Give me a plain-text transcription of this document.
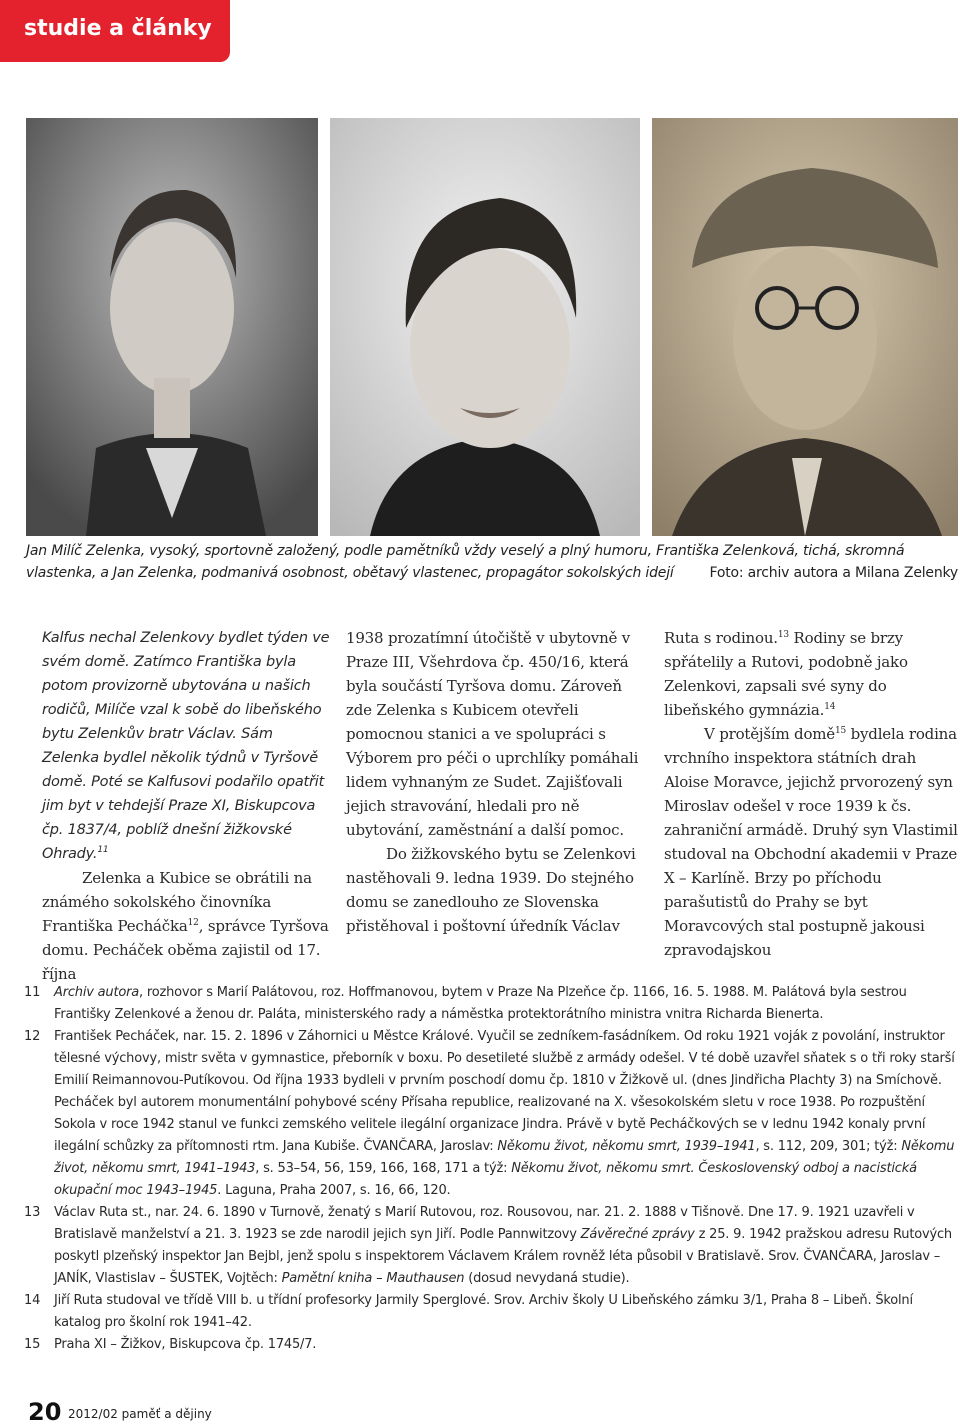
studie a články
Jan Milíč Zelenka, vysoký, sportovně založený, podle pamětníků vždy veselý a plný humoru, Františka Zelenková, tichá, skromná vlastenka, a Jan Zelenka, podmanivá osobnost, obětavý vlastenec, propagátor sokolských idejí	Foto: archiv autora a Milana Zelenky

Kalfus nechal Zelenkovy bydlet týden ve svém domě. Zatímco Františka byla potom provizorně ubytována u našich rodičů, Milíče vzal k sobě do libeňského bytu Zelenkův bratr Václav. Sám Zelenka bydlel několik týdnů v Tyršově domě. Poté se Kalfusovi podařilo opatřit jim byt v tehdejší Praze XI, Biskupcova čp. 1837/4, poblíž dnešní žižkovské Ohrady.$^{11}$

Zelenka a Kubice se obrátili na známého sokolského činovníka Františka Pecháčka$^{12}$, správce Tyršova domu. Pecháček oběma zajistil od 17. října

1938 prozatímní útočiště v ubytovně v Praze III, Všehrdova čp. 450/16, která byla součástí Tyršova domu. Zároveň zde Zelenka s Kubicem otevřeli pomocnou stanici a ve spolupráci s Výborem pro péči o uprchlíky pomáhali lidem vyhnaným ze Sudet. Zajišťovali jejich stravování, hledali pro ně ubytování, zaměstnání a další pomoc.

Do žižkovského bytu se Zelenkovi nastěhovali 9. ledna 1939. Do stejného domu se zanedlouho ze Slovenska přistěhoval i poštovní úředník Václav

Ruta s rodinou.$^{13}$ Rodiny se brzy spřátelily a Rutovi, podobně jako Zelenkovi, zapsali své syny do libeňského gymnázia.$^{14}$

V protějším domě$^{15}$ bydlela rodina vrchního inspektora státních drah Aloise Moravce, jejichž prvorozený syn Miroslav odešel v roce 1939 k čs. zahraniční armádě. Druhý syn Vlastimil studoval na Obchodní akademii v Praze X – Karlíně. Brzy po příchodu parašutistů do Prahy se byt Moravcových stal postupně jakousi zpravodajskou

11 Archiv autora, rozhovor s Marií Palátovou, roz. Hoffmanovou, bytem v Praze Na Plzeňce čp. 1166, 16. 5. 1988. M. Palátová byla sestrou Františky Zelenkové a ženou dr. Paláta, ministerského rady a náměstka protektorátního ministra vnitra Richarda Bienerta.

12 František Pecháček, nar. 15. 2. 1896 v Záhornici u Městce Králové. Vyučil se zedníkem-fasádníkem. Od roku 1921 voják z povolání, instruktor tělesné výchovy, mistr světa v gymnastice, přeborník v boxu. Po desetileté službě z armády odešel. V té době uzavřel sňatek s o tři roky starší Emilií Reimannovou-Putíkovou. Od října 1933 bydleli v prvním poschodí domu čp. 1810 v Žižkově ul. (dnes Jindřicha Plachty 3) na Smíchově. Pecháček byl autorem monumentální pohybové scény Přísaha republice, realizované na X. všesokolském sletu v roce 1938. Po rozpuštění Sokola v roce 1942 stanul ve funkci zemského velitele ilegální organizace Jindra. Právě v bytě Pecháčkových se v lednu 1942 konaly první ilegální schůzky za přítomnosti rtm. Jana Kubiše. ČVANČARA, Jaroslav: Někomu život, někomu smrt, 1939–1941, s. 112, 209, 301; týž: Někomu život, někomu smrt, 1941–1943, s. 53–54, 56, 159, 166, 168, 171 a týž: Někomu život, někomu smrt. Československý odboj a nacistická okupační moc 1943–1945. Laguna, Praha 2007, s. 16, 66, 120.

13 Václav Ruta st., nar. 24. 6. 1890 v Turnově, ženatý s Marií Rutovou, roz. Rousovou, nar. 21. 2. 1888 v Tišnově. Dne 17. 9. 1921 uzavřeli v Bratislavě manželství a 21. 3. 1923 se zde narodil jejich syn Jiří. Podle Pannwitzovy Závěrečné zprávy z 25. 9. 1942 pražskou adresu Rutových poskytl plzeňský inspektor Jan Bejbl, jenž spolu s inspektorem Václavem Králem rovněž léta působil v Bratislavě. Srov. ČVANČARA, Jaroslav – JANÍK, Vlastislav – ŠUSTEK, Vojtěch: Pamětní kniha – Mauthausen (dosud nevydaná studie).

14 Jiří Ruta studoval ve třídě VIII b. u třídní profesorky Jarmily Sperglové. Srov. Archiv školy U Libeňského zámku 3/1, Praha 8 – Libeň. Školní katalog pro školní rok 1941–42.

15 Praha XI – Žižkov, Biskupcova čp. 1745/7.

20 2012/02 paměť a dějiny
